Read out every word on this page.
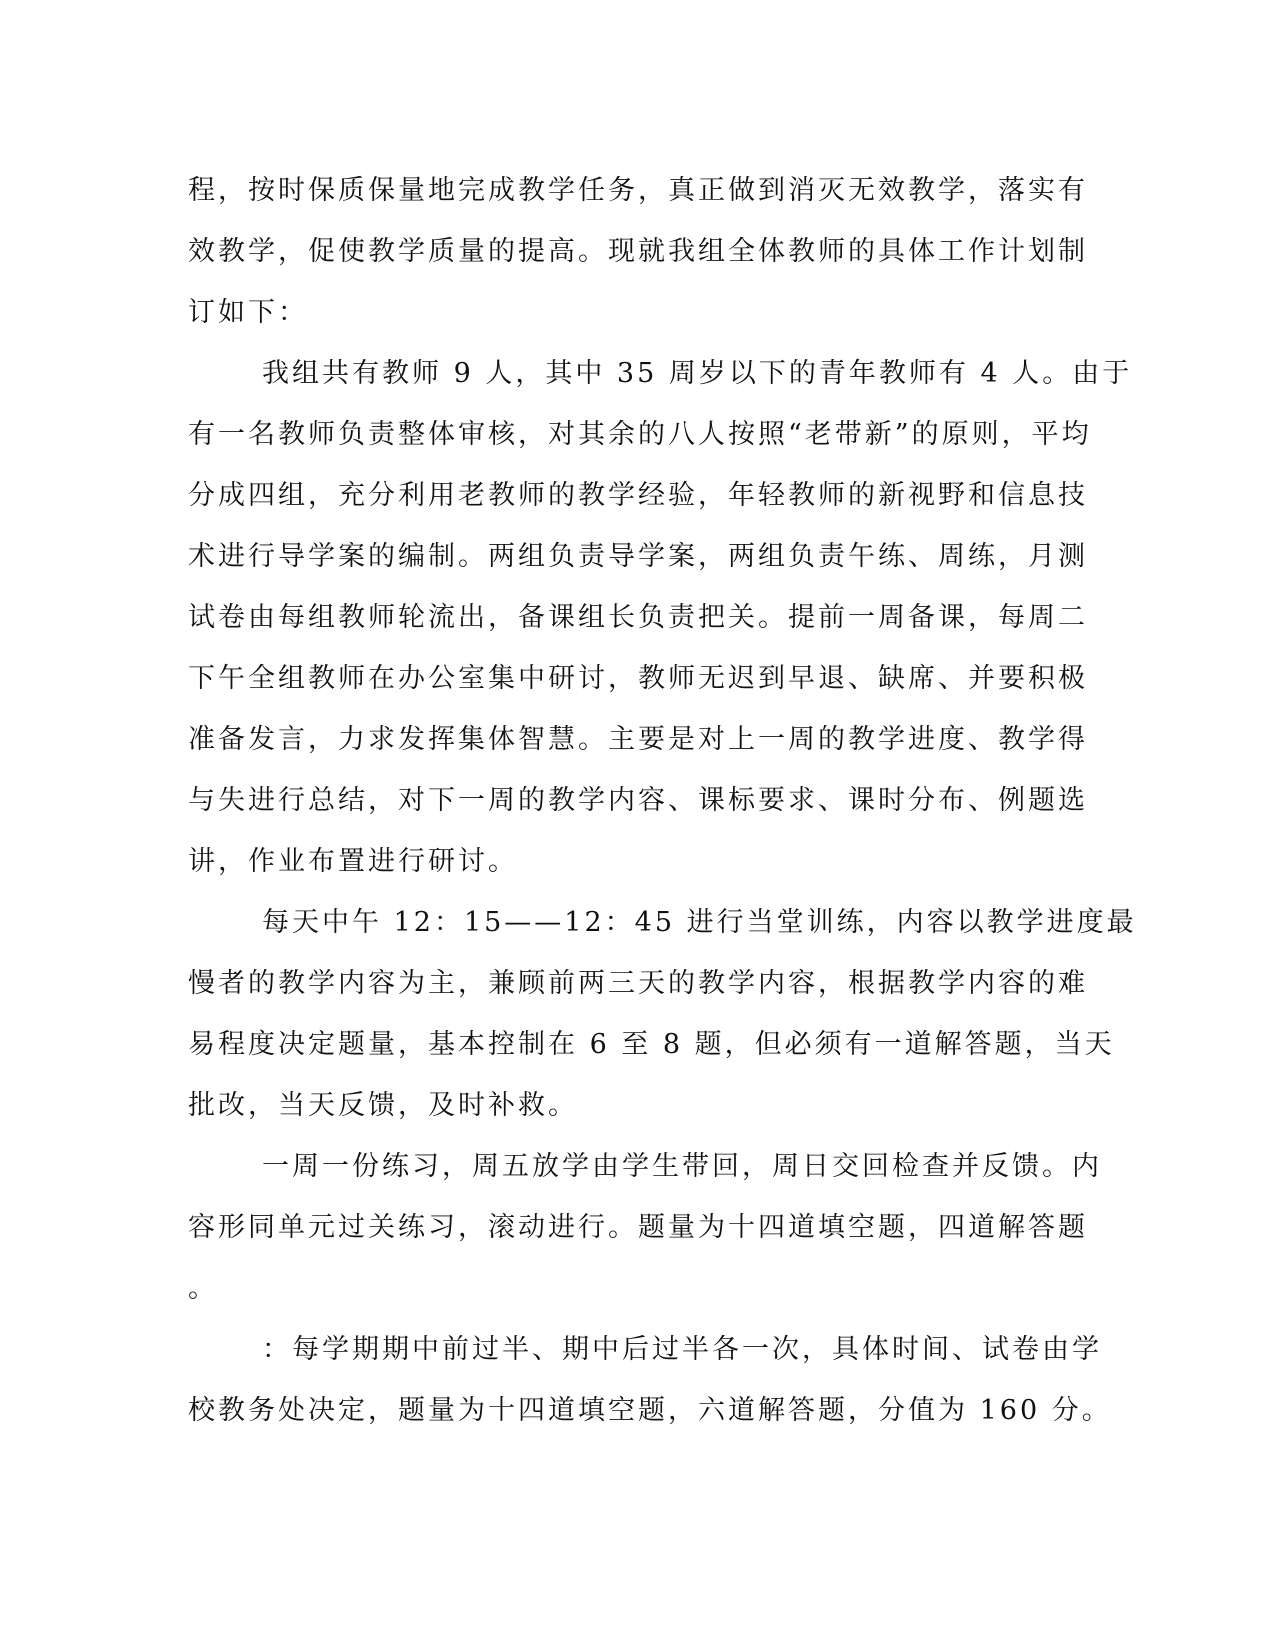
程，按时保质保量地完成教学任务，真正做到消灭无效教学，落实有
效教学，促使教学质量的提高。现就我组全体教师的具体工作计划制
订如下：
我组共有教师 9 人，其中 35 周岁以下的青年教师有 4 人。由于
有一名教师负责整体审核，对其余的八人按照“老带新”的原则，平均
分成四组，充分利用老教师的教学经验，年轻教师的新视野和信息技
术进行导学案的编制。两组负责导学案，两组负责午练、周练，月测
试卷由每组教师轮流出，备课组长负责把关。提前一周备课，每周二
下午全组教师在办公室集中研讨，教师无迟到早退、缺席、并要积极
准备发言，力求发挥集体智慧。主要是对上一周的教学进度、教学得
与失进行总结，对下一周的教学内容、课标要求、课时分布、例题选
讲，作业布置进行研讨。
每天中午 12：15——12：45 进行当堂训练，内容以教学进度最
慢者的教学内容为主，兼顾前两三天的教学内容，根据教学内容的难
易程度决定题量，基本控制在 6 至 8 题，但必须有一道解答题，当天
批改，当天反馈，及时补救。
一周一份练习，周五放学由学生带回，周日交回检查并反馈。内
容形同单元过关练习，滚动进行。题量为十四道填空题，四道解答题
。
：每学期期中前过半、期中后过半各一次，具体时间、试卷由学
校教务处决定，题量为十四道填空题，六道解答题，分值为 160 分。
